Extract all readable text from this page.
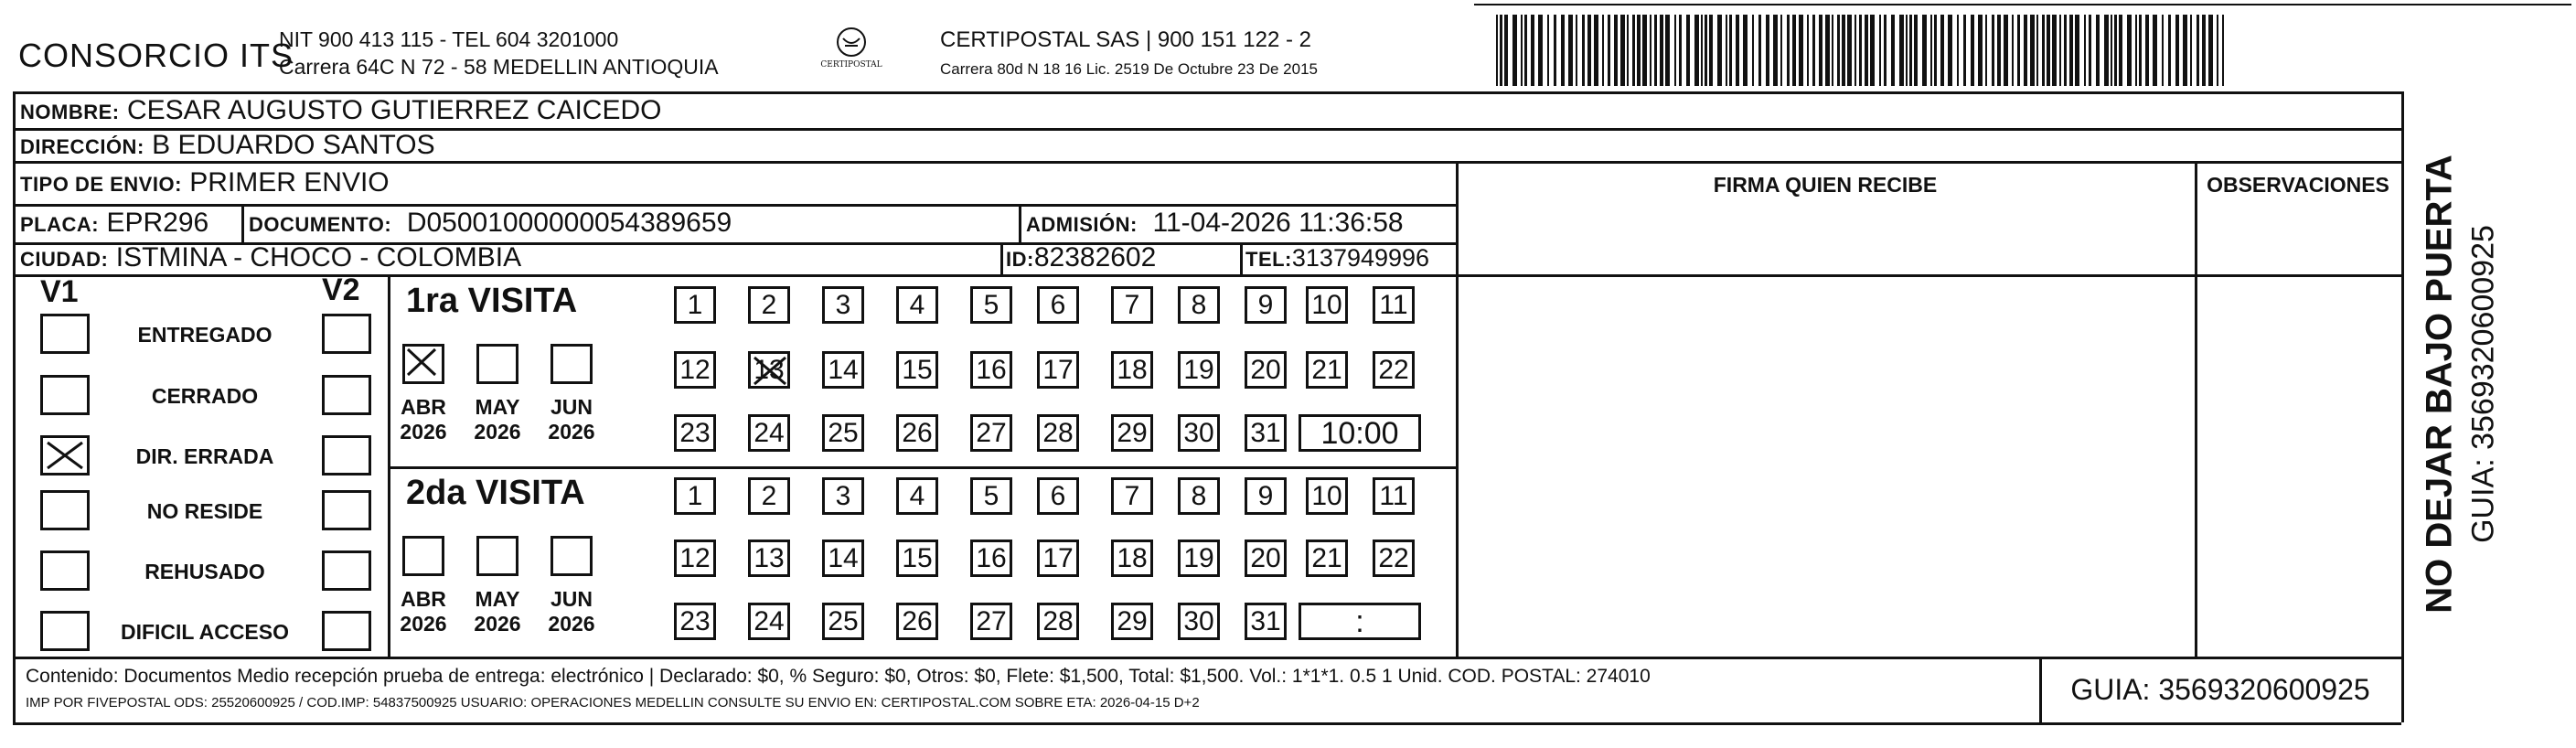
CONSORCIO ITS
NIT 900 413 115 - TEL 604 3201000
Carrera 64C N 72 - 58 MEDELLIN ANTIOQUIA	CERTIPOSTAL
CERTIPOSTAL SAS | 900 151 122 - 2
Carrera 80d N 18 16 Lic. 2519 De Octubre 23 De 2015
NOMBRE: CESAR AUGUSTO GUTIERREZ CAICEDO
DIRECCIÓN: B EDUARDO SANTOS
TIPO DE ENVIO: PRIMER ENVIO	FIRMA QUIEN RECIBE	OBSERVACIONES
PLACA: EPR296 DOCUMENTO: D05001000000054389659	ADMISIÓN: 11-04-2026 11:36:58
CIUDAD: ISTMINA - CHOCO - COLOMBIA	ID:82382602	TEL:3137949996
V1	V2
ENTREGADO
CERRADO
DIR. ERRADA
NO RESIDE
REHUSADO
DIFICIL ACCESO
1ra VISITA
2da VISITA
ABR
2026
MAY
2026
JUN
2026
ABR
2026
MAY
2026
JUN
2026
1	2	3	4	5	6	7	8	9	10 11
12 13 14 15 16 17 18 19 20 21 22
23 24 25 26 27 28 29 30 31	10:00
1	2	3	4	5	6	7	8	9	10 11
12 13 14 15 16 17 18 19 20 21 22
23 24 25 26 27 28 29 30 31	:
Contenido: Documentos Medio recepción prueba de entrega: electrónico | Declarado: $0, % Seguro: $0, Otros: $0, Flete: $1,500, Total: $1,500. Vol.: 1*1*1. 0.5 1 Unid. COD. POSTAL: 274010
IMP POR FIVEPOSTAL ODS: 25520600925 / COD.IMP: 54837500925 USUARIO: OPERACIONES MEDELLIN CONSULTE SU ENVIO EN: CERTIPOSTAL.COM SOBRE ETA: 2026-04-15 D+2	GUIA: 3569320600925
NO DEJAR BAJO PUERTA GUIA: 3569320600925
